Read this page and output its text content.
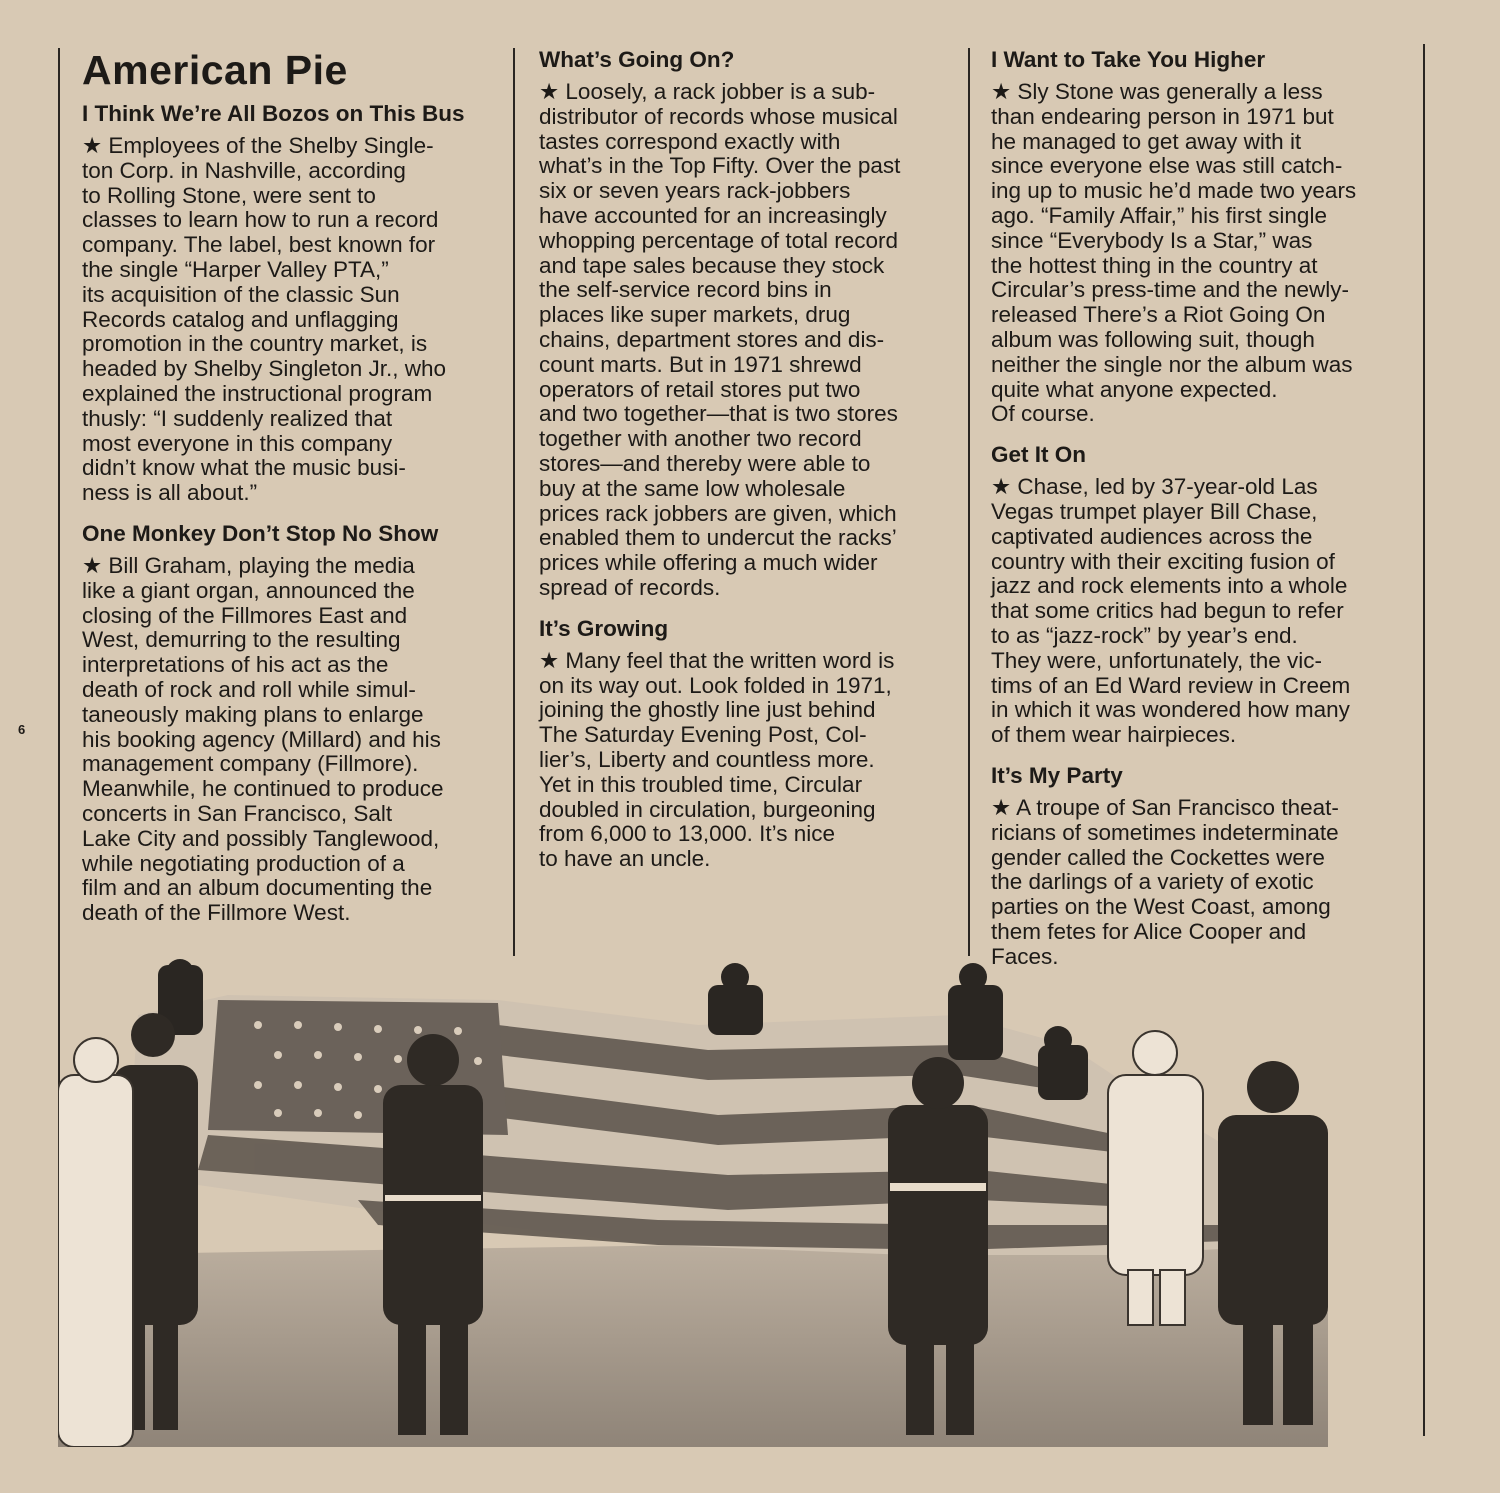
6
American Pie
I Think We’re All Bozos on This Bus
★ Employees of the Shelby Single-
ton Corp. in Nashville, according
to Rolling Stone, were sent to
classes to learn how to run a record
company. The label, best known for
the single “Harper Valley PTA,”
its acquisition of the classic Sun
Records catalog and unflagging
promotion in the country market, is
headed by Shelby Singleton Jr., who
explained the instructional program
thusly: “I suddenly realized that
most everyone in this company
didn’t know what the music busi-
ness is all about.”
One Monkey Don’t Stop No Show
★ Bill Graham, playing the media
like a giant organ, announced the
closing of the Fillmores East and
West, demurring to the resulting
interpretations of his act as the
death of rock and roll while simul-
taneously making plans to enlarge
his booking agency (Millard) and his
management company (Fillmore).
Meanwhile, he continued to produce
concerts in San Francisco, Salt
Lake City and possibly Tanglewood,
while negotiating production of a
film and an album documenting the
death of the Fillmore West.
What’s Going On?
★ Loosely, a rack jobber is a sub-
distributor of records whose musical
tastes correspond exactly with
what’s in the Top Fifty. Over the past
six or seven years rack-jobbers
have accounted for an increasingly
whopping percentage of total record
and tape sales because they stock
the self-service record bins in
places like super markets, drug
chains, department stores and dis-
count marts. But in 1971 shrewd
operators of retail stores put two
and two together—that is two stores
together with another two record
stores—and thereby were able to
buy at the same low wholesale
prices rack jobbers are given, which
enabled them to undercut the racks’
prices while offering a much wider
spread of records.
It’s Growing
★ Many feel that the written word is
on its way out. Look folded in 1971,
joining the ghostly line just behind
The Saturday Evening Post, Col-
lier’s, Liberty and countless more.
Yet in this troubled time, Circular
doubled in circulation, burgeoning
from 6,000 to 13,000. It’s nice
to have an uncle.
I Want to Take You Higher
★ Sly Stone was generally a less
than endearing person in 1971 but
he managed to get away with it
since everyone else was still catch-
ing up to music he’d made two years
ago. “Family Affair,” his first single
since “Everybody Is a Star,” was
the hottest thing in the country at
Circular’s press-time and the newly-
released There’s a Riot Going On
album was following suit, though
neither the single nor the album was
quite what anyone expected.
Of course.
Get It On
★ Chase, led by 37-year-old Las
Vegas trumpet player Bill Chase,
captivated audiences across the
country with their exciting fusion of
jazz and rock elements into a whole
that some critics had begun to refer
to as “jazz-rock” by year’s end.
They were, unfortunately, the vic-
tims of an Ed Ward review in Creem
in which it was wondered how many
of them wear hairpieces.
It’s My Party
★ A troupe of San Francisco theat-
ricians of sometimes indeterminate
gender called the Cockettes were
the darlings of a variety of exotic
parties on the West Coast, among
them fetes for Alice Cooper and
Faces.
